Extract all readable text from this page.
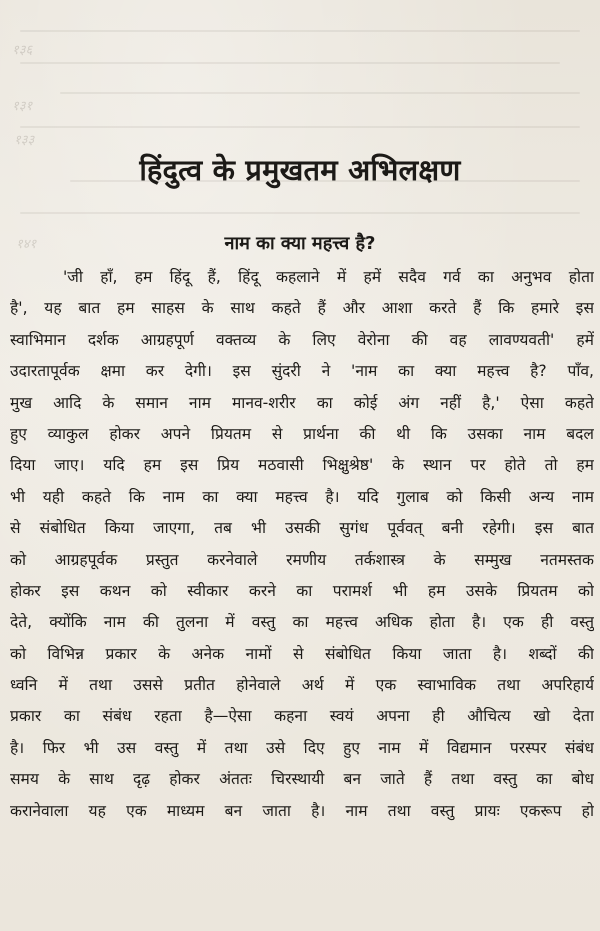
१३६
१३१
१३३
१४१
हिंदुत्व के प्रमुखतम अभिलक्षण
नाम का क्या महत्त्व है?
'जी हाँ, हम हिंदू हैं, हिंदू कहलाने में हमें सदैव गर्व का अनुभव होता
है', यह बात हम साहस के साथ कहते हैं और आशा करते हैं कि हमारे इस
स्वाभिमान दर्शक आग्रहपूर्ण वक्तव्य के लिए वेरोना की वह लावण्यवती' हमें
उदारतापूर्वक क्षमा कर देगी। इस सुंदरी ने 'नाम का क्या महत्त्व है? पाँव,
मुख आदि के समान नाम मानव-शरीर का कोई अंग नहीं है,' ऐसा कहते
हुए व्याकुल होकर अपने प्रियतम से प्रार्थना की थी कि उसका नाम बदल
दिया जाए। यदि हम इस प्रिय मठवासी भिक्षुश्रेष्ठ' के स्थान पर होते तो हम
भी यही कहते कि नाम का क्या महत्त्व है। यदि गुलाब को किसी अन्य नाम
से संबोधित किया जाएगा, तब भी उसकी सुगंध पूर्ववत् बनी रहेगी। इस बात
को आग्रहपूर्वक प्रस्तुत करनेवाले रमणीय तर्कशास्त्र के सम्मुख नतमस्तक
होकर इस कथन को स्वीकार करने का परामर्श भी हम उसके प्रियतम को
देते, क्योंकि नाम की तुलना में वस्तु का महत्त्व अधिक होता है। एक ही वस्तु
को विभिन्न प्रकार के अनेक नामों से संबोधित किया जाता है। शब्दों की
ध्वनि में तथा उससे प्रतीत होनेवाले अर्थ में एक स्वाभाविक तथा अपरिहार्य
प्रकार का संबंध रहता है—ऐसा कहना स्वयं अपना ही औचित्य खो देता
है। फिर भी उस वस्तु में तथा उसे दिए हुए नाम में विद्यमान परस्पर संबंध
समय के साथ दृढ़ होकर अंततः चिरस्थायी बन जाते हैं तथा वस्तु का बोध
करानेवाला यह एक माध्यम बन जाता है। नाम तथा वस्तु प्रायः एकरूप हो
